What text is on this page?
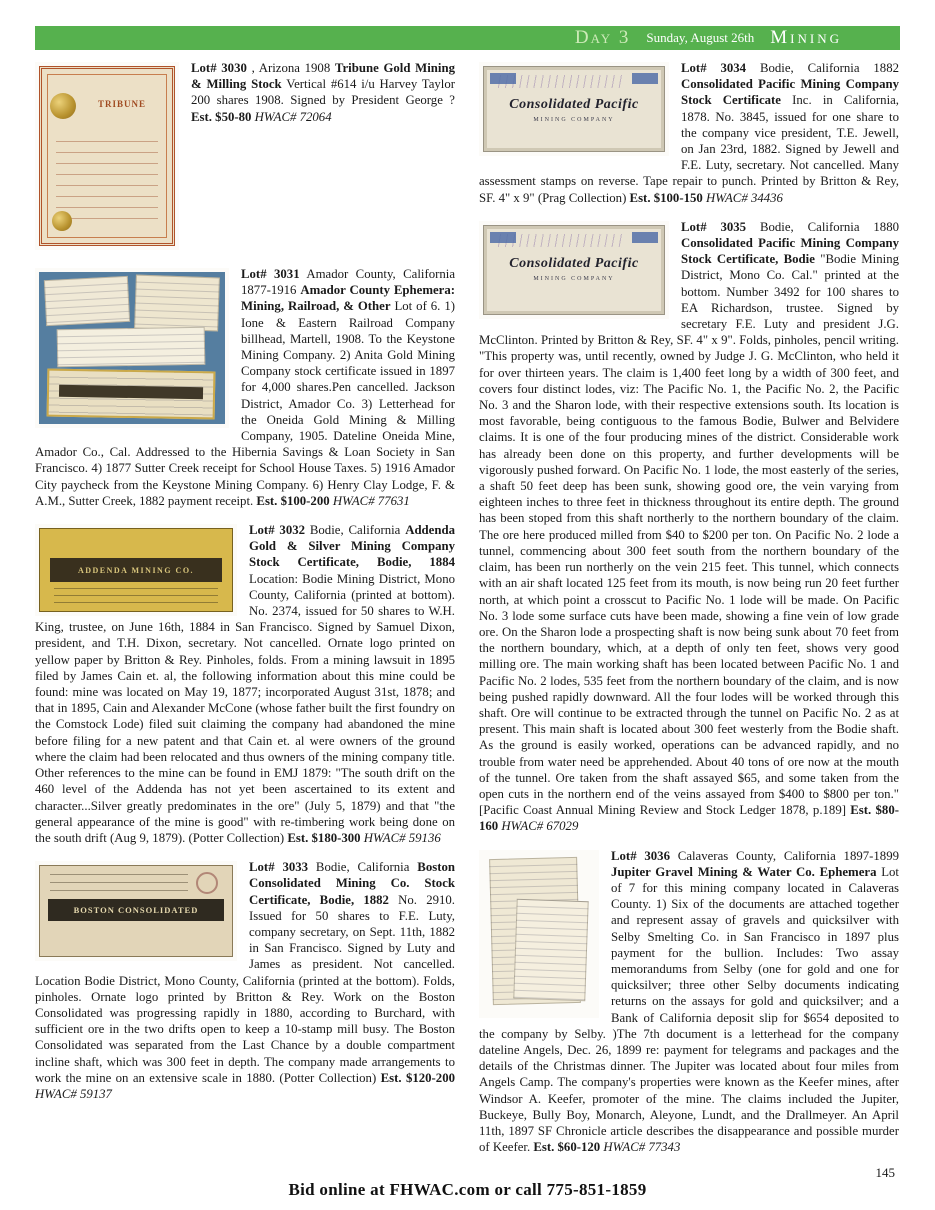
Day 3 Sunday, August 26th Mining
TRIBUNE

Lot# 3030 , Arizona 1908 Tribune Gold Mining & Milling Stock Vertical #614 i/u Harvey Taylor 200 shares 1908. Signed by President George ? Est. $50-80 HWAC# 72064

Lot# 3031 Amador County, California 1877-1916 Amador County Ephemera: Mining, Railroad, & Other Lot of 6. 1) Ione & Eastern Railroad Company billhead, Martell, 1908. To the Keystone Mining Company. 2) Anita Gold Mining Company stock certificate issued in 1897 for 4,000 shares.Pen cancelled. Jackson District, Amador Co. 3) Letterhead for the Oneida Gold Mining & Milling Company, 1905. Dateline Oneida Mine, Amador Co., Cal. Addressed to the Hibernia Savings & Loan Society in San Francisco. 4) 1877 Sutter Creek receipt for School House Taxes. 5) 1916 Amador City paycheck from the Keystone Mining Company. 6) Henry Clay Lodge, F. & A.M., Sutter Creek, 1882 payment receipt. Est. $100-200 HWAC# 77631

ADDENDA MINING CO.

Lot# 3032 Bodie, California Addenda Gold & Silver Mining Company Stock Certificate, Bodie, 1884 Location: Bodie Mining District, Mono County, California (printed at bottom). No. 2374, issued for 50 shares to W.H. King, trustee, on June 16th, 1884 in San Francisco. Signed by Samuel Dixon, president, and T.H. Dixon, secretary. Not cancelled. Ornate logo printed on yellow paper by Britton & Rey. Pinholes, folds. From a mining lawsuit in 1895 filed by James Cain et. al, the following information about this mine could be found: mine was located on May 19, 1877; incorporated August 31st, 1878; and that in 1895, Cain and Alexander McCone (whose father built the first foundry on the Comstock Lode) filed suit claiming the company had abandoned the mine before filing for a new patent and that Cain et. al were owners of the ground where the claim had been relocated and thus owners of the mining company title. Other references to the mine can be found in EMJ 1879: "The south drift on the 460 level of the Addenda has not yet been ascertained to its extent and character...Silver greatly predominates in the ore" (July 5, 1879) and that "the general appearance of the mine is good" with re-timbering work being done on the south drift (Aug 9, 1879). (Potter Collection) Est. $180-300 HWAC# 59136

BOSTON CONSOLIDATED

Lot# 3033 Bodie, California Boston Consolidated Mining Co. Stock Certificate, Bodie, 1882 No. 2910. Issued for 50 shares to F.E. Luty, company secretary, on Sept. 11th, 1882 in San Francisco. Signed by Luty and James as president. Not cancelled. Location Bodie District, Mono County, California (printed at the bottom). Folds, pinholes. Ornate logo printed by Britton & Rey. Work on the Boston Consolidated was progressing rapidly in 1880, according to Burchard, with sufficient ore in the two drifts open to keep a 10-stamp mill busy. The Boston Consolidated was separated from the Last Chance by a double compartment incline shaft, which was 300 feet in depth. The company made arrangements to work the mine on an extensive scale in 1880. (Potter Collection) Est. $120-200 HWAC# 59137

Consolidated Pacific
MINING COMPANY

Lot# 3034 Bodie, California 1882 Consolidated Pacific Mining Company Stock Certificate Inc. in California, 1878. No. 3845, issued for one share to the company vice president, T.E. Jewell, on Jan 23rd, 1882. Signed by Jewell and F.E. Luty, secretary. Not cancelled. Many assessment stamps on reverse. Tape repair to punch. Printed by Britton & Rey, SF. 4" x 9" (Prag Collection) Est. $100-150 HWAC# 34436

Consolidated Pacific
MINING COMPANY

Lot# 3035 Bodie, California 1880 Consolidated Pacific Mining Company Stock Certificate, Bodie "Bodie Mining District, Mono Co. Cal." printed at the bottom. Number 3492 for 100 shares to EA Richardson, trustee. Signed by secretary F.E. Luty and president J.G. McClinton. Printed by Britton & Rey, SF. 4" x 9". Folds, pinholes, pencil writing. "This property was, until recently, owned by Judge J. G. McClinton, who held it for over thirteen years. The claim is 1,400 feet long by a width of 300 feet, and covers four distinct lodes, viz: The Pacific No. 1, the Pacific No. 2, the Pacific No. 3 and the Sharon lode, with their respective extensions south. Its location is most favorable, being contiguous to the famous Bodie, Bulwer and Belvidere claims. It is one of the four producing mines of the district. Considerable work has already been done on this property, and further developments will be vigorously pushed forward. On Pacific No. 1 lode, the most easterly of the series, a shaft 50 feet deep has been sunk, showing good ore, the vein varying from eighteen inches to three feet in thickness throughout its entire depth. The ground has been stoped from this shaft northerly to the northern boundary of the claim. The ore here produced milled from $40 to $200 per ton. On Pacific No. 2 lode a tunnel, commencing about 300 feet south from the northern boundary of the claim, has been run northerly on the vein 215 feet. This tunnel, which connects with an air shaft located 125 feet from its mouth, is now being run 20 feet further north, at which point a crosscut to Pacific No. 1 lode will be made. On Pacific No. 3 lode some surface cuts have been made, showing a fine vein of low grade ore. On the Sharon lode a prospecting shaft is now being sunk about 70 feet from the northern boundary, which, at a depth of only ten feet, shows very good milling ore. The main working shaft has been located between Pacific No. 1 and Pacific No. 2 lodes, 535 feet from the northern boundary of the claim, and is now being pushed rapidly downward. All the four lodes will be worked through this shaft. Ore will continue to be extracted through the tunnel on Pacific No. 2 as at present. This main shaft is located about 300 feet westerly from the Bodie shaft. As the ground is easily worked, operations can be advanced rapidly, and no trouble from water need be apprehended. About 40 tons of ore now at the mouth of the tunnel. Ore taken from the shaft assayed $65, and some taken from the open cuts in the northern end of the veins assayed from $400 to $800 per ton." [Pacific Coast Annual Mining Review and Stock Ledger 1878, p.189] Est. $80-160 HWAC# 67029

Lot# 3036 Calaveras County, California 1897-1899 Jupiter Gravel Mining & Water Co. Ephemera Lot of 7 for this mining company located in Calaveras County. 1) Six of the documents are attached together and represent assay of gravels and quicksilver with Selby Smelting Co. in San Francisco in 1897 plus payment for the bullion. Includes: Two assay memorandums from Selby (one for gold and one for quicksilver; three other Selby documents indicating returns on the assays for gold and quicksilver; and a Bank of California deposit slip for $654 deposited to the company by Selby. )The 7th document is a letterhead for the company dateline Angels, Dec. 26, 1899 re: payment for telegrams and packages and the details of the Christmas dinner. The Jupiter was located about four miles from Angels Camp. The company's properties were known as the Keefer mines, after Windsor A. Keefer, promoter of the mine. The claims included the Jupiter, Buckeye, Bully Boy, Monarch, Aleyone, Lundt, and the Drallmeyer. An April 11th, 1897 SF Chronicle article describes the disappearance and possible murder of Keefer. Est. $60-120 HWAC# 77343

145
Bid online at FHWAC.com or call 775-851-1859
